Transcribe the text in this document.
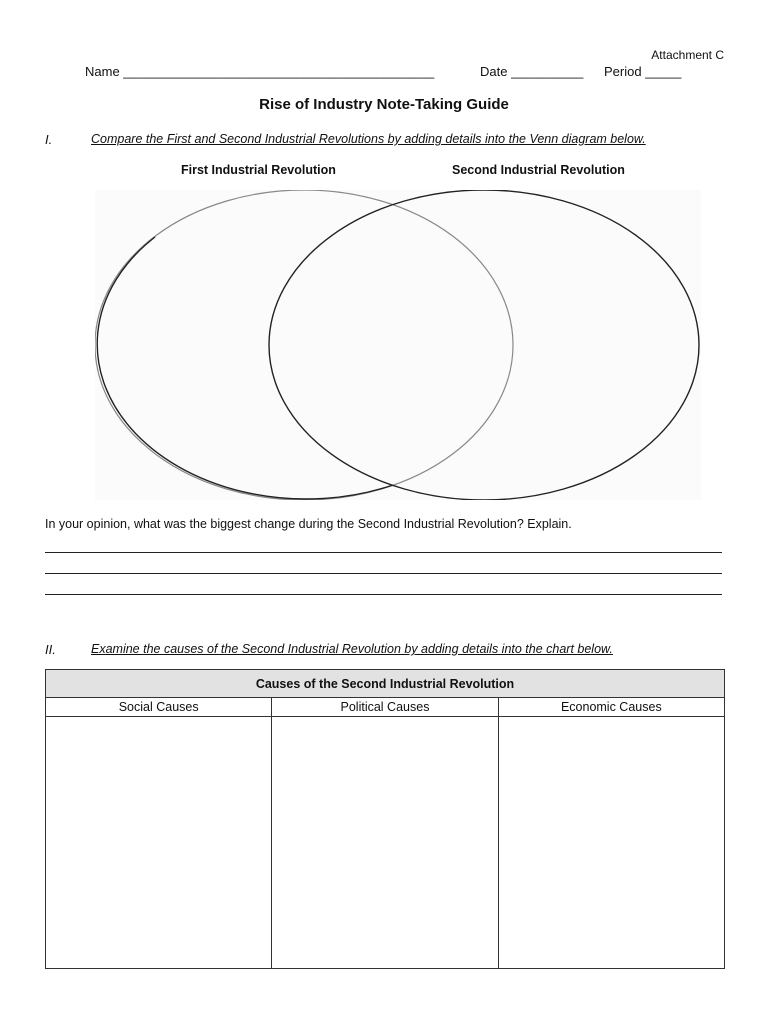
Attachment C
Name ___________________________________________	Date __________ Period _____
Rise of Industry Note-Taking Guide
I.	Compare the First and Second Industrial Revolutions by adding details into the Venn diagram below.
First Industrial Revolution	Second Industrial Revolution
In your opinion, what was the biggest change during the Second Industrial Revolution? Explain.
II.	Examine the causes of the Second Industrial Revolution by adding details into the chart below.
Causes of the Second Industrial Revolution		
Social Causes	Political Causes	Economic Causes
